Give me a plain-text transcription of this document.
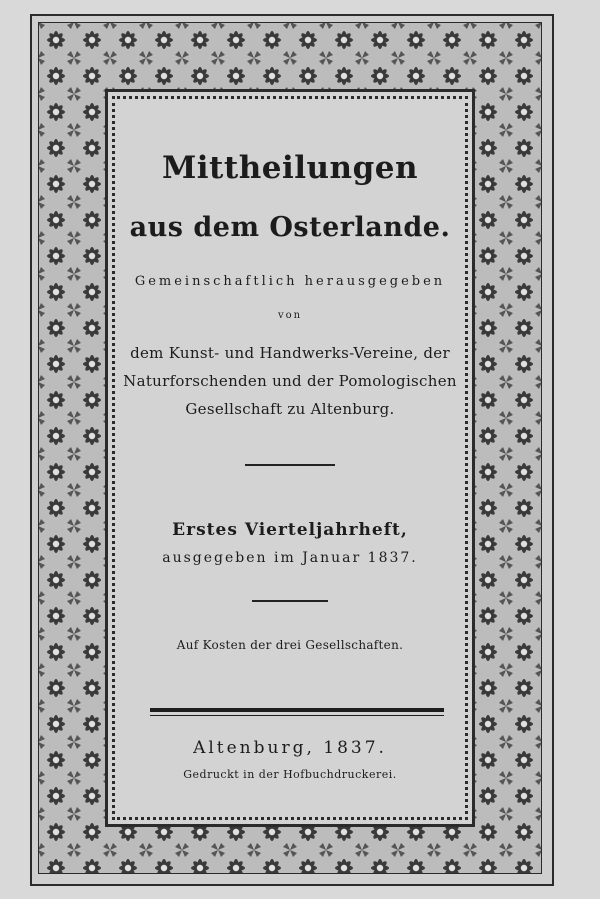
Mittheilungen
aus dem Osterlande.
Gemeinschaftlich herausgegeben
von
dem Kunst- und Handwerks-Vereine, der
Naturforschenden und der Pomologischen
Gesellschaft zu Altenburg.
Erstes Vierteljahrheft,
ausgegeben im Januar 1837.
Auf Kosten der drei Gesellschaften.
Altenburg, 1837.
Gedruckt in der Hofbuchdruckerei.
